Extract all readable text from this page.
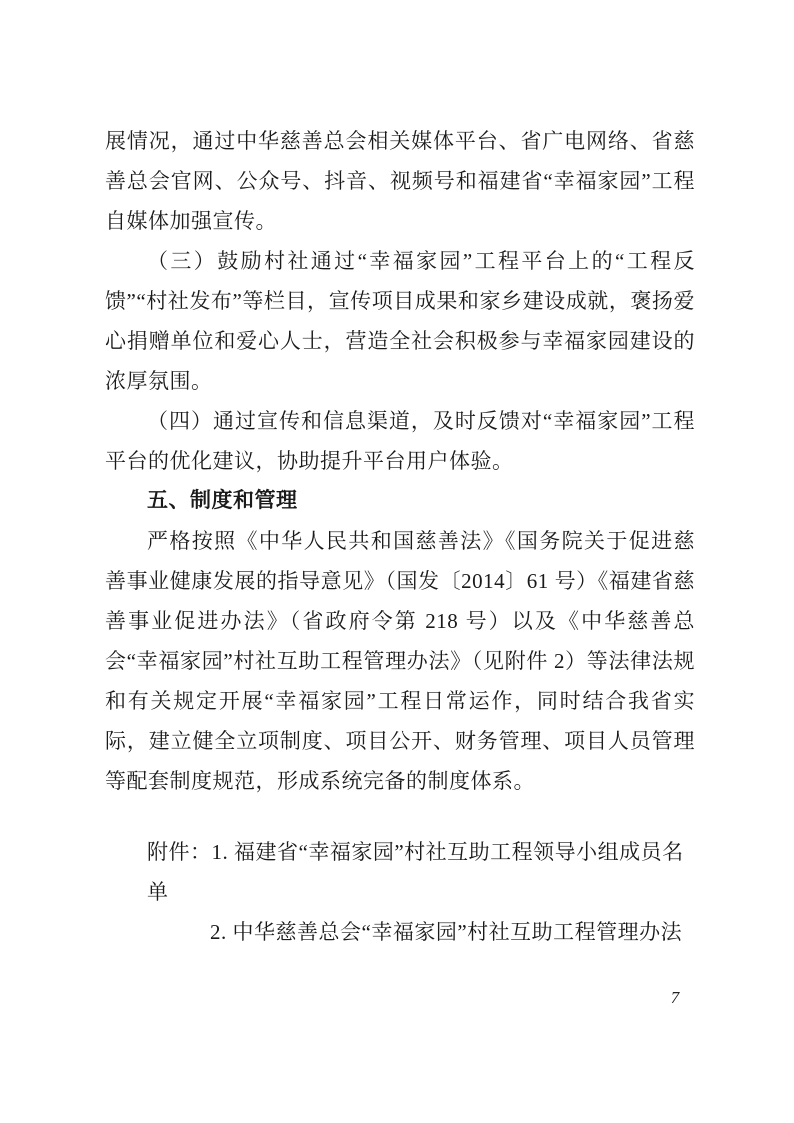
展情况，通过中华慈善总会相关媒体平台、省广电网络、省慈善总会官网、公众号、抖音、视频号和福建省“幸福家园”工程自媒体加强宣传。

（三）鼓励村社通过“幸福家园”工程平台上的“工程反馈”“村社发布”等栏目，宣传项目成果和家乡建设成就，褒扬爱心捐赠单位和爱心人士，营造全社会积极参与幸福家园建设的浓厚氛围。

（四）通过宣传和信息渠道，及时反馈对“幸福家园”工程平台的优化建议，协助提升平台用户体验。

五、制度和管理

严格按照《中华人民共和国慈善法》《国务院关于促进慈善事业健康发展的指导意见》（国发〔2014〕61 号）《福建省慈善事业促进办法》（省政府令第 218 号）以及《中华慈善总会“幸福家园”村社互助工程管理办法》（见附件 2）等法律法规和有关规定开展“幸福家园”工程日常运作，同时结合我省实际，建立健全立项制度、项目公开、财务管理、项目人员管理等配套制度规范，形成系统完备的制度体系。

附件：1. 福建省“幸福家园”村社互助工程领导小组成员名单
2. 中华慈善总会“幸福家园”村社互助工程管理办法
7
